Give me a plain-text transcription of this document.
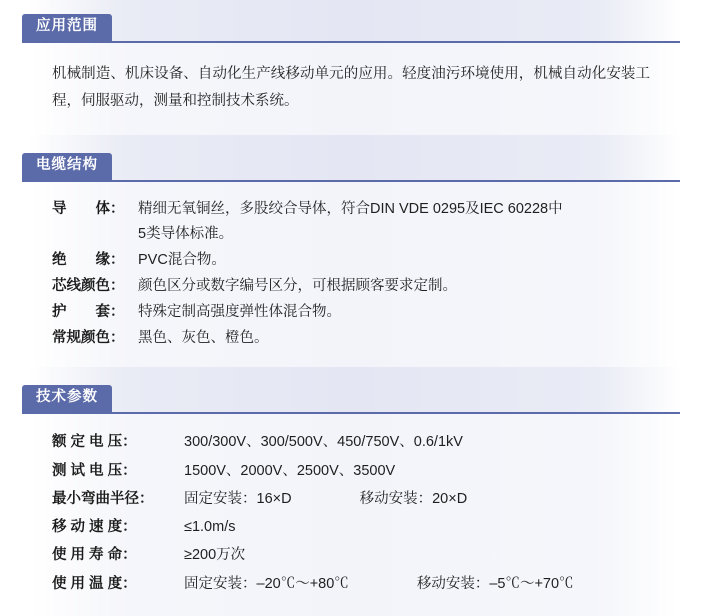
应用范围

机械制造、机床设备、自动化生产线移动单元的应用。轻度油污环境使用，机械自动化安装工程，伺服驱动，测量和控制技术系统。

电缆结构
导　　体： 精细无氧铜丝，多股绞合导体，符合DIN VDE 0295及IEC 60228中
5类导体标准。
绝　　缘： PVC混合物。
芯线颜色： 颜色区分或数字编号区分，可根据顾客要求定制。
护　　套： 特殊定制高强度弹性体混合物。
常规颜色： 黑色、灰色、橙色。
技术参数
额 定 电 压：	300/300V、300/500V、450/750V、0.6/1kV
测 试 电 压：	1500V、2000V、2500V、3500V
最小弯曲半径：	固定安装：16×D	移动安装：20×D
移 动 速 度：	≤1.0m/s
使 用 寿 命：	≥200万次
使 用 温 度：	固定安装：–20℃～+80℃	移动安装：–5℃～+70℃
